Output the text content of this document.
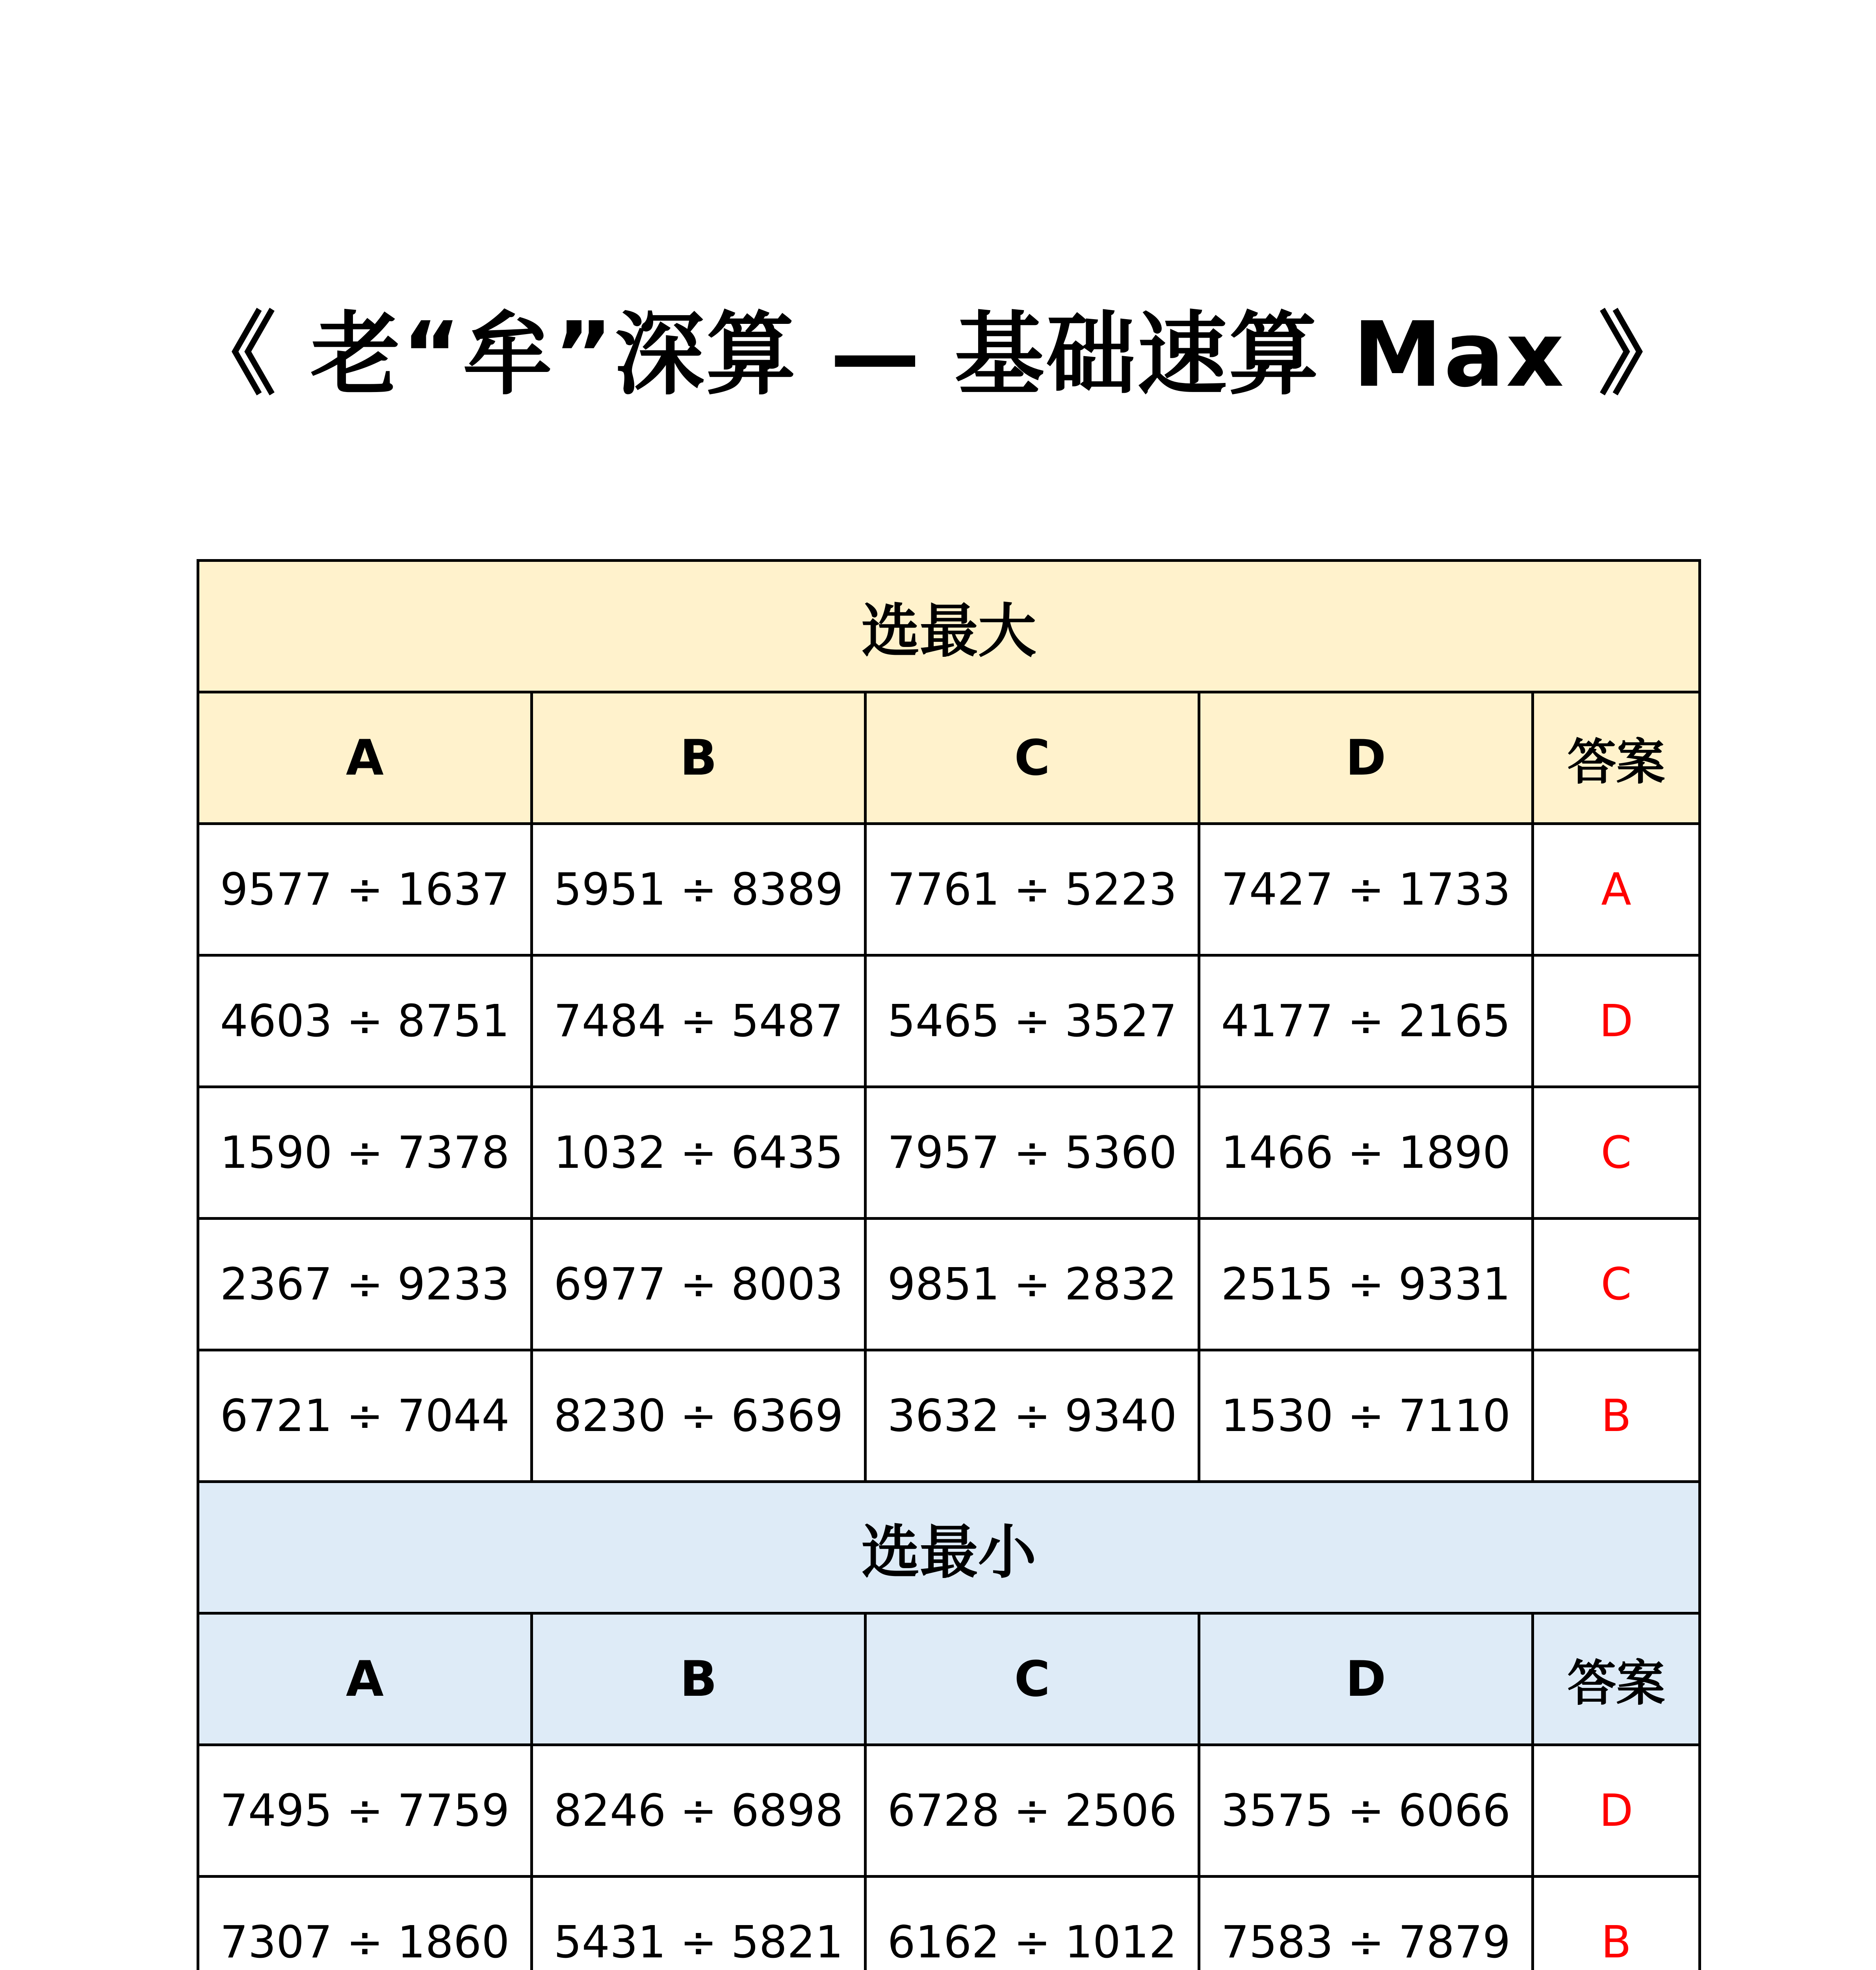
《 老“牟”深算 — 基础速算 Max 》
选最大				
A	B	C	D	答案
9577 ÷ 1637	5951 ÷ 8389	7761 ÷ 5223	7427 ÷ 1733	A
4603 ÷ 8751	7484 ÷ 5487	5465 ÷ 3527	4177 ÷ 2165	D
1590 ÷ 7378	1032 ÷ 6435	7957 ÷ 5360	1466 ÷ 1890	C
2367 ÷ 9233	6977 ÷ 8003	9851 ÷ 2832	2515 ÷ 9331	C
6721 ÷ 7044	8230 ÷ 6369	3632 ÷ 9340	1530 ÷ 7110	B
选最小				
A	B	C	D	答案
7495 ÷ 7759	8246 ÷ 6898	6728 ÷ 2506	3575 ÷ 6066	D
7307 ÷ 1860	5431 ÷ 5821	6162 ÷ 1012	7583 ÷ 7879	B
